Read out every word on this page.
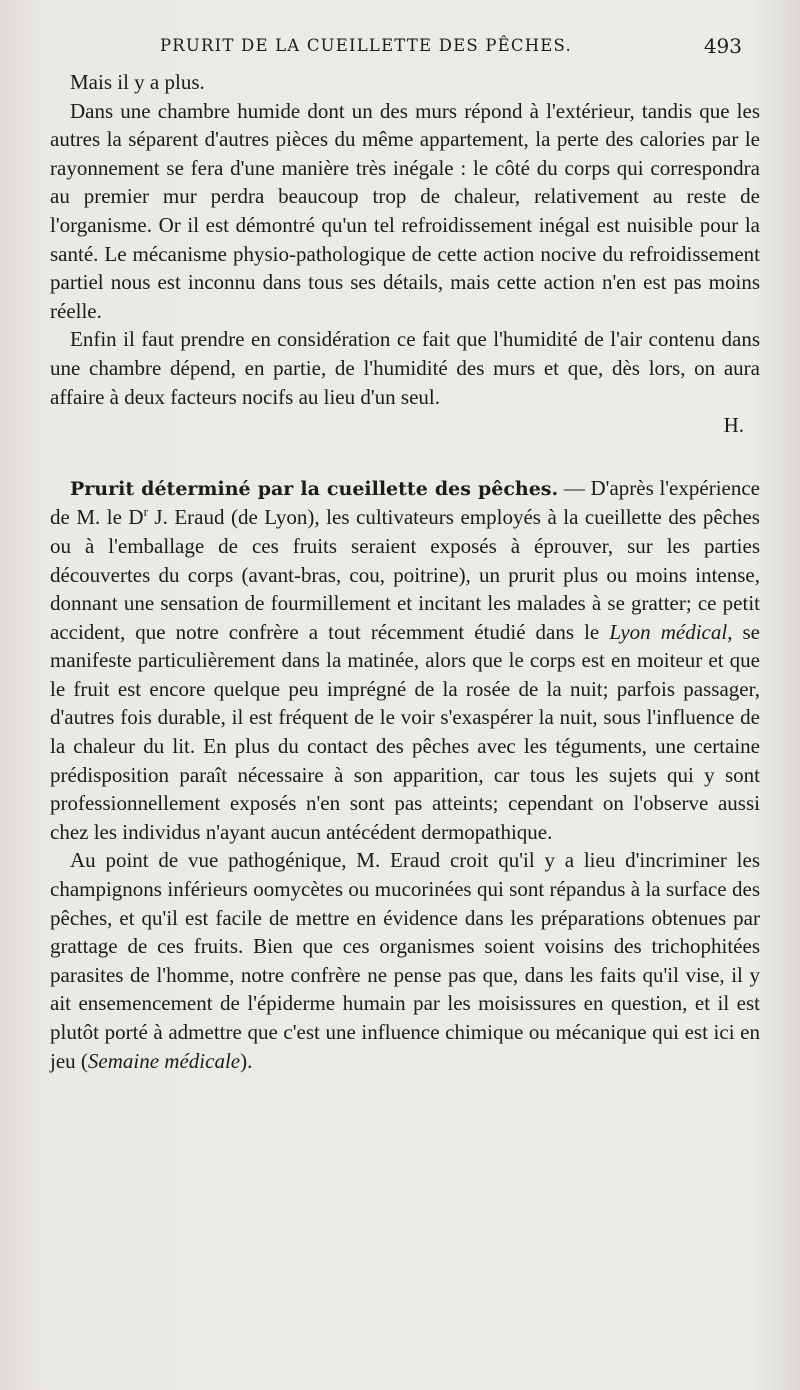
PRURIT DE LA CUEILLETTE DES PÊCHES.	493

Mais il y a plus.

Dans une chambre humide dont un des murs répond à l'extérieur, tandis que les autres la séparent d'autres pièces du même appartement, la perte des calories par le rayonnement se fera d'une manière très inégale : le côté du corps qui correspondra au premier mur perdra beaucoup trop de chaleur, relativement au reste de l'organisme. Or il est démontré qu'un tel refroidissement inégal est nuisible pour la santé. Le mécanisme physio-pathologique de cette action nocive du refroidissement partiel nous est inconnu dans tous ses détails, mais cette action n'en est pas moins réelle.

Enfin il faut prendre en considération ce fait que l'humidité de l'air contenu dans une chambre dépend, en partie, de l'humidité des murs et que, dès lors, on aura affaire à deux facteurs nocifs au lieu d'un seul.

H.

Prurit déterminé par la cueillette des pêches. — D'après l'expérience de M. le $D^r$ J. Eraud (de Lyon), les cultivateurs employés à la cueillette des pêches ou à l'emballage de ces fruits seraient exposés à éprouver, sur les parties découvertes du corps (avant-bras, cou, poitrine), un prurit plus ou moins intense, donnant une sensation de fourmillement et incitant les malades à se gratter; ce petit accident, que notre confrère a tout récemment étudié dans le Lyon médical, se manifeste particulièrement dans la matinée, alors que le corps est en moiteur et que le fruit est encore quelque peu imprégné de la rosée de la nuit; parfois passager, d'autres fois durable, il est fréquent de le voir s'exaspérer la nuit, sous l'influence de la chaleur du lit. En plus du contact des pêches avec les téguments, une certaine prédisposition paraît nécessaire à son apparition, car tous les sujets qui y sont professionnellement exposés n'en sont pas atteints; cependant on l'observe aussi chez les individus n'ayant aucun antécédent dermopathique.

Au point de vue pathogénique, M. Eraud croit qu'il y a lieu d'incriminer les champignons inférieurs oomycètes ou mucorinées qui sont répandus à la surface des pêches, et qu'il est facile de mettre en évidence dans les préparations obtenues par grattage de ces fruits. Bien que ces organismes soient voisins des trichophitées parasites de l'homme, notre confrère ne pense pas que, dans les faits qu'il vise, il y ait ensemencement de l'épiderme humain par les moisissures en question, et il est plutôt porté à admettre que c'est une influence chimique ou mécanique qui est ici en jeu (Semaine médicale).
